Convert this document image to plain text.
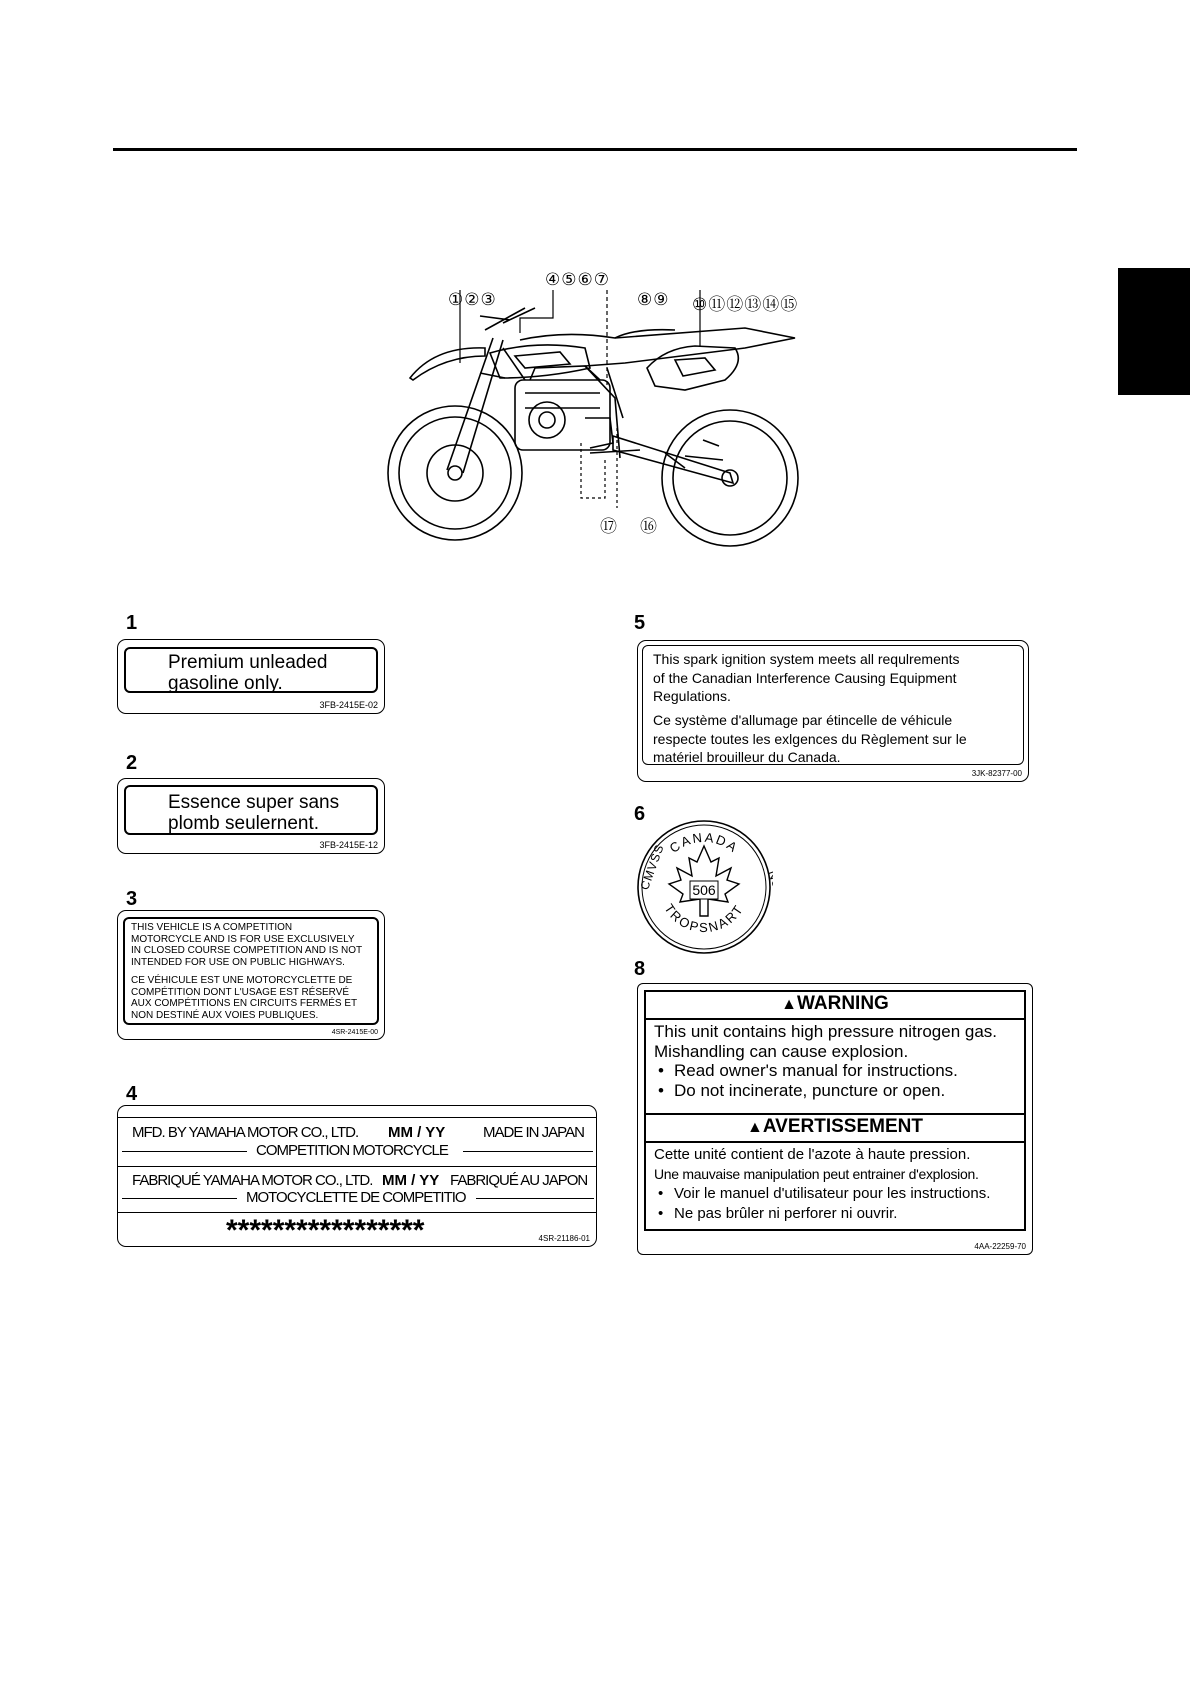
①②③
④⑤⑥⑦
⑧⑨ ⑩⑪⑫⑬⑭⑮
⑰ ⑯
1
Premium unleaded
gasoline only.
3FB-2415E-02
2
Essence super sans
plomb seulernent.
3FB-2415E-12
3
THIS VEHICLE IS A COMPETITION
MOTORCYCLE AND IS FOR USE EXCLUSIVELY
IN CLOSED COURSE COMPETITION AND IS NOT
INTENDED FOR USE ON PUBLIC HIGHWAYS.
CE VÉHICULE EST UNE MOTORCYCLETTE DE
COMPÉTITION DONT L'USAGE EST RÉSERVÉ
AUX COMPÉTITIONS EN CIRCUITS FERMÉS ET
NON DESTINÉ AUX VOIES PUBLIQUES.
4SR-2415E-00
4
MFD. BY YAMAHA MOTOR CO., LTD. MM / YY	MADE IN JAPAN
COMPETITION MOTORCYCLE
FABRIQUÉ YAMAHA MOTOR CO., LTD. MM / YY FABRIQUÉ AU JAPON
MOTOCYCLETTE DE COMPETITIO
*****************	4SR-21186-01
5
This spark ignition system meets all requlrements
of the Canadian Interference Causing Equipment
Regulations.
Ce système d'allumage par étincelle de véhicule
respecte toutes les exlgences du Règlement sur le
matériel brouilleur du Canada.
3JK-82377-00
6
CANADA
TROPSNART
CMVSS
NSVAC
506
8
▲WARNING
This unit contains high pressure nitrogen gas.
Mishandling can cause explosion.
• Read owner's manual for instructions.
• Do not incinerate, puncture or open.
▲AVERTISSEMENT
Cette unité contient de l'azote à haute pression.
Une mauvaise manipulation peut entrainer d'explosion.
• Voir le manuel d'utilisateur pour les instructions.
• Ne pas brûler ni perforer ni ouvrir.
4AA-22259-70
